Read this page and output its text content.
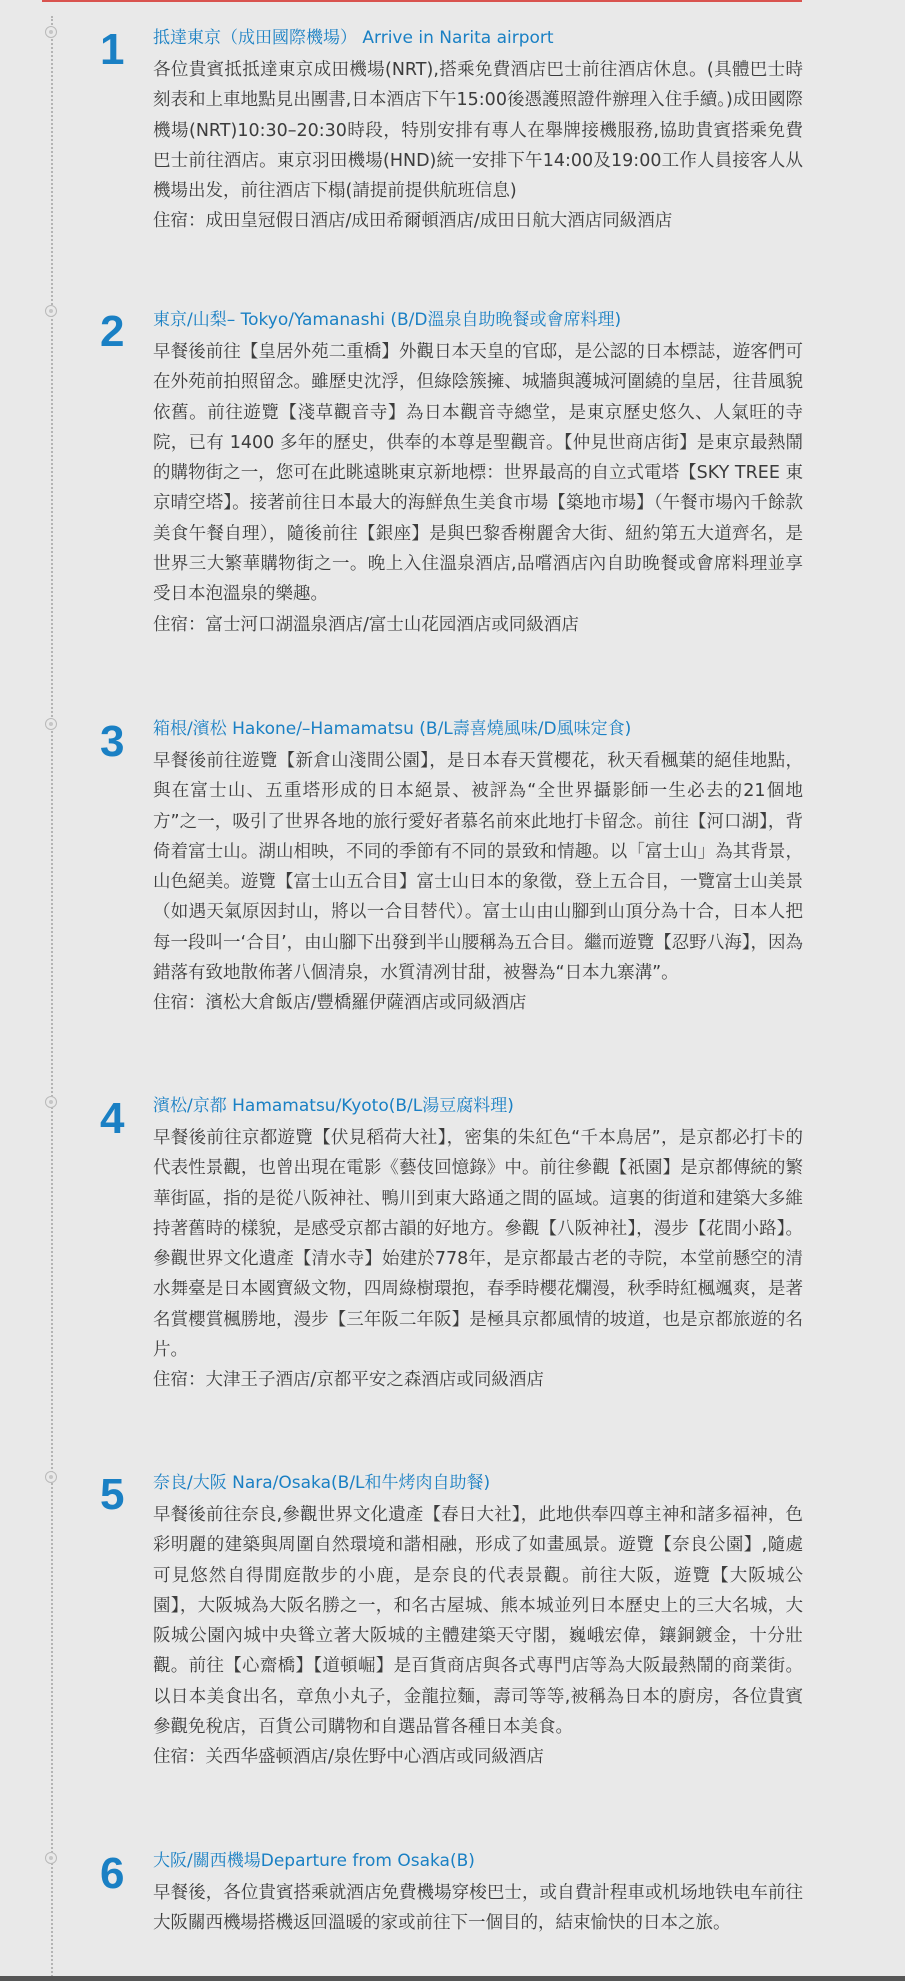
1 抵達東京（成田國際機場） Arrive in Narita airport

各位貴賓抵抵達東京成田機場(NRT),搭乘免費酒店巴士前往酒店休息。(具體巴士時刻表和上車地點見出團書,日本酒店下午15:00後憑護照證件辦理入住手續。)成田國際機場(NRT)10:30–20:30時段，特別安排有專人在舉牌接機服務,協助貴賓搭乘免費巴士前往酒店。東京羽田機場(HND)統一安排下午14:00及19:00工作人員接客人从機場出发，前往酒店下榻(請提前提供航班信息)

住宿：成田皇冠假日酒店/成田希爾頓酒店/成田日航大酒店同級酒店

2 東京/山梨– Tokyo/Yamanashi (B/D溫泉自助晚餐或會席料理)

早餐後前往【皇居外苑二重橋】外觀日本天皇的官邸，是公認的日本標誌，遊客們可在外苑前拍照留念。雖歷史沈浮，但綠陰簇擁、城牆與護城河圍繞的皇居，往昔風貌依舊。前往遊覽【淺草觀音寺】為日本觀音寺總堂，是東京歷史悠久、人氣旺的寺院，已有 1400 多年的歷史，供奉的本尊是聖觀音。【仲見世商店街】是東京最熱鬧的購物街之一，您可在此眺遠眺東京新地標：世界最高的自立式電塔【SKY TREE 東京晴空塔】。接著前往日本最大的海鮮魚生美食市場【築地市場】（午餐市場內千餘款美食午餐自理），隨後前往【銀座】是與巴黎香榭麗舍大街、紐約第五大道齊名，是世界三大繁華購物街之一。晚上入住溫泉酒店,品嚐酒店內自助晚餐或會席料理並享受日本泡溫泉的樂趣。

住宿：富士河口湖溫泉酒店/富士山花园酒店或同級酒店

3 箱根/濱松 Hakone/–Hamamatsu (B/L壽喜燒風味/D風味定食)

早餐後前往遊覽【新倉山淺間公園】，是日本春天賞櫻花，秋天看楓葉的絕佳地點，與在富士山、五重塔形成的日本絕景、被評為“全世界攝影師一生必去的21個地方”之一，吸引了世界各地的旅行愛好者慕名前來此地打卡留念。前往【河口湖】，背倚着富士山。湖山相映，不同的季節有不同的景致和情趣。以「富士山」為其背景，山色絕美。遊覽【富士山五合目】富士山日本的象徵，登上五合目，一覽富士山美景（如遇天氣原因封山，將以一合目替代）。富士山由山腳到山頂分為十合，日本人把每一段叫一‘合目’，由山腳下出發到半山腰稱為五合目。繼而遊覽【忍野八海】，因為錯落有致地散佈著八個清泉，水質清冽甘甜，被譽為“日本九寨溝”。

住宿：濱松大倉飯店/豐橋羅伊薩酒店或同級酒店

4 濱松/京都 Hamamatsu/Kyoto(B/L湯豆腐料理)

早餐後前往京都遊覽【伏見稻荷大社】，密集的朱紅色“千本鳥居”，是京都必打卡的代表性景觀，也曾出現在電影《藝伎回憶錄》中。前往參觀【祇園】是京都傳統的繁華街區，指的是從八阪神社、鴨川到東大路通之間的區域。這裏的街道和建築大多維持著舊時的樣貌，是感受京都古韻的好地方。參觀【八阪神社】，漫步【花間小路】。參觀世界文化遺產【清水寺】始建於778年，是京都最古老的寺院，本堂前懸空的清水舞臺是日本國寶級文物，四周綠樹環抱，春季時櫻花爛漫，秋季時紅楓颯爽，是著名賞櫻賞楓勝地，漫步【三年阪二年阪】是極具京都風情的坡道，也是京都旅遊的名片。

住宿：大津王子酒店/京都平安之森酒店或同級酒店

5 奈良/大阪 Nara/Osaka(B/L和牛烤肉自助餐)

早餐後前往奈良,參觀世界文化遺產【春日大社】，此地供奉四尊主神和諸多福神，色彩明麗的建築與周圍自然環境和諧相融，形成了如畫風景。遊覽【奈良公園】,隨處可見悠然自得閒庭散步的小鹿，是奈良的代表景觀。前往大阪，遊覽【大阪城公園】，大阪城為大阪名勝之一，和名古屋城、熊本城並列日本歷史上的三大名城，大阪城公園內城中央聳立著大阪城的主體建築天守閣，巍峨宏偉，鑲銅鍍金，十分壯觀。前往【心齋橋】【道頓崛】是百貨商店與各式專門店等為大阪最熱鬧的商業街。以日本美食出名，章魚小丸子，金龍拉麵，壽司等等,被稱為日本的廚房，各位貴賓參觀免稅店，百貨公司購物和自選品嘗各種日本美食。

住宿：关西华盛顿酒店/泉佐野中心酒店或同級酒店

6 大阪/關西機場Departure from Osaka(B)

早餐後，各位貴賓搭乘就酒店免費機場穿梭巴士，或自費計程車或机场地铁电车前往大阪關西機場搭機返回溫暖的家或前往下一個目的，結束愉快的日本之旅。
